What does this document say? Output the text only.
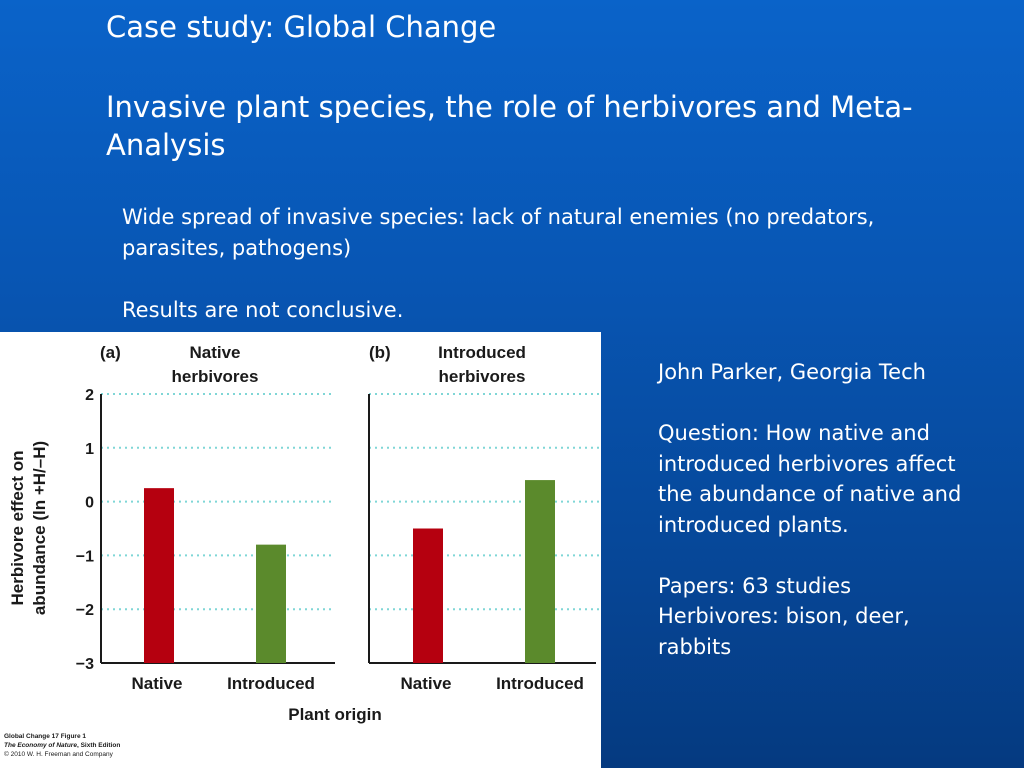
Case study: Global Change
Invasive plant species, the role of herbivores and Meta-Analysis

Wide spread of invasive species: lack of natural enemies (no predators, parasites, pathogens)

Results are not conclusive.

John Parker, Georgia Tech

Question: How native and introduced herbivores affect the abundance of native and introduced plants.

Papers: 63 studies

Herbivores: bison, deer, rabbits

Herbivore effect on abundance (ln +H/–H)
2
1
0
−1
−2
−3
(a)	Native
herbivores
Native	Introduced
(b)	Introduced
herbivores
Native	Introduced
Plant origin
Global Change 17 Figure 1
The Economy of Nature, Sixth Edition
© 2010 W. H. Freeman and Company
